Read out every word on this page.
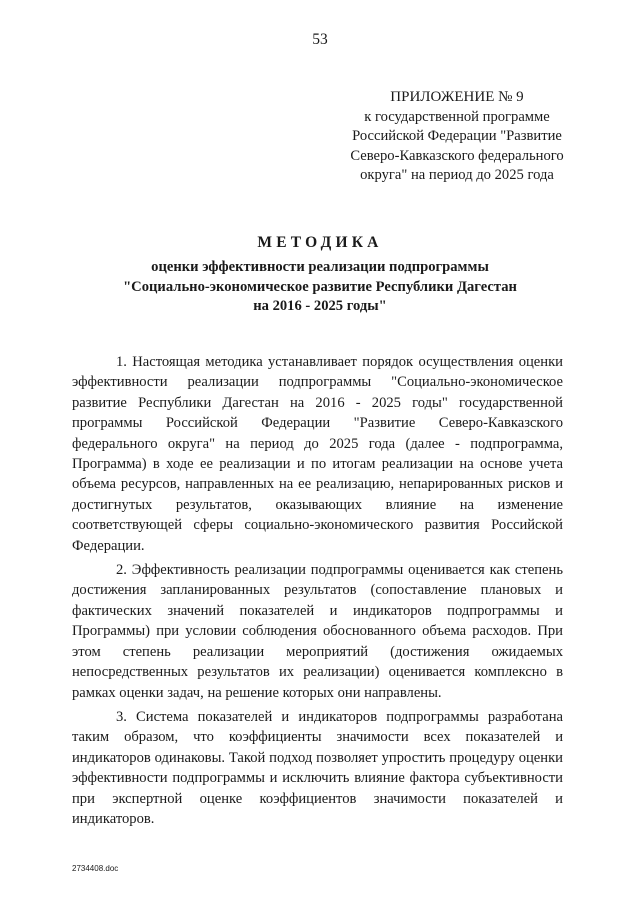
53
ПРИЛОЖЕНИЕ № 9
к государственной программе
Российской Федерации "Развитие
Северо-Кавказского федерального
округа" на период до 2025 года
МЕТОДИКА
оценки эффективности реализации подпрограммы
"Социально-экономическое развитие Республики Дагестан
на 2016 - 2025 годы"

1. Настоящая методика устанавливает порядок осуществления оценки эффективности реализации подпрограммы "Социально-экономическое развитие Республики Дагестан на 2016 - 2025 годы" государственной программы Российской Федерации "Развитие Северо-Кавказского федерального округа" на период до 2025 года (далее - подпрограмма, Программа) в ходе ее реализации и по итогам реализации на основе учета объема ресурсов, направленных на ее реализацию, непарированных рисков и достигнутых результатов, оказывающих влияние на изменение соответствующей сферы социально-экономического развития Российской Федерации.

2. Эффективность реализации подпрограммы оценивается как степень достижения запланированных результатов (сопоставление плановых и фактических значений показателей и индикаторов подпрограммы и Программы) при условии соблюдения обоснованного объема расходов. При этом степень реализации мероприятий (достижения ожидаемых непосредственных результатов их реализации) оценивается комплексно в рамках оценки задач, на решение которых они направлены.

3. Система показателей и индикаторов подпрограммы разработана таким образом, что коэффициенты значимости всех показателей и индикаторов одинаковы. Такой подход позволяет упростить процедуру оценки эффективности подпрограммы и исключить влияние фактора субъективности при экспертной оценке коэффициентов значимости показателей и индикаторов.

2734408.doc
